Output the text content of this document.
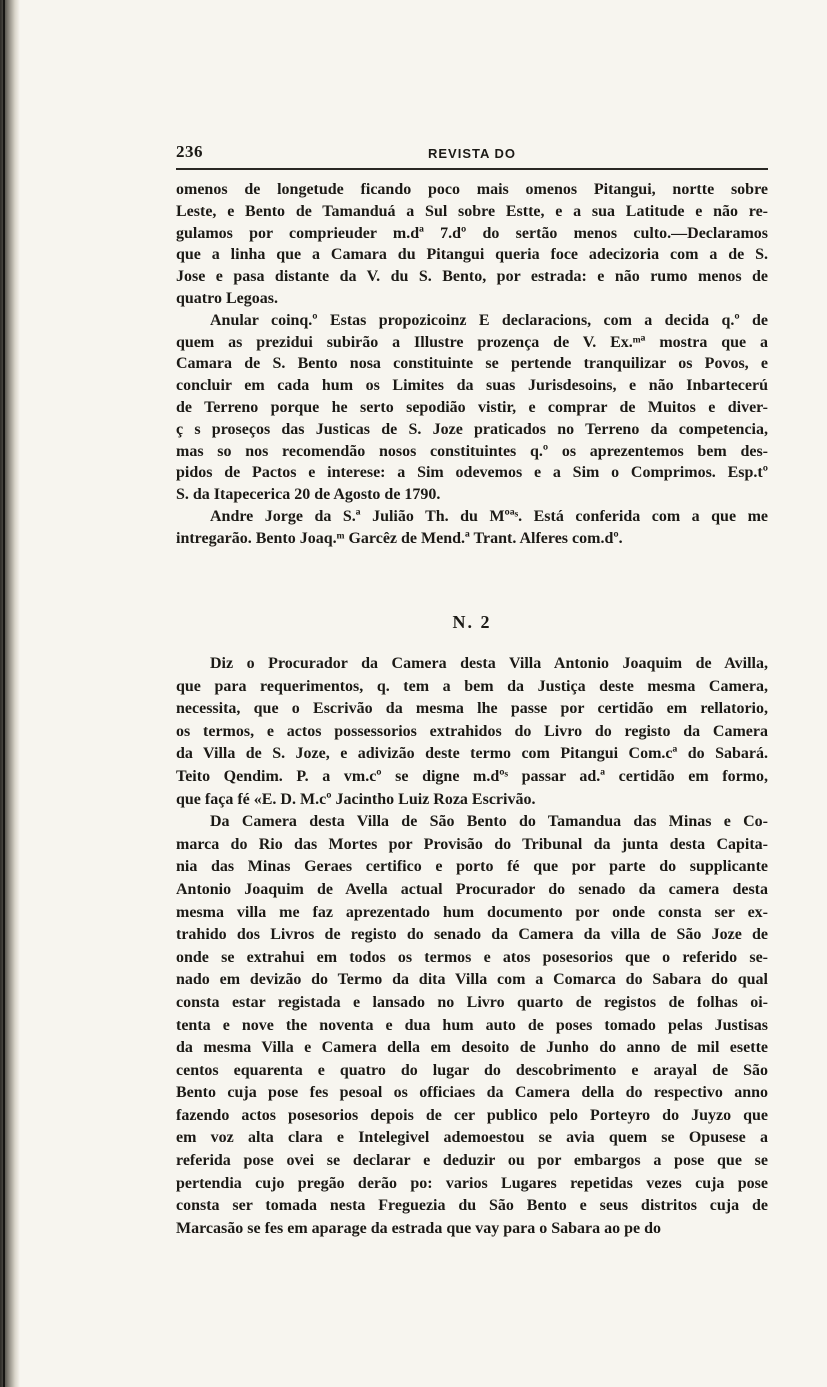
236	REVISTA DO
omenos de longetude ficando poco mais omenos Pitangui, nortte sobre
Leste, e Bento de Tamanduá a Sul sobre Estte, e a sua Latitude e não re-
gulamos por comprieuder m.dª 7.dº do sertão menos culto.—Declaramos
que a linha que a Camara du Pitangui queria foce adecizoria com a de S.
Jose e pasa distante da V. du S. Bento, por estrada: e não rumo menos de
quatro Legoas.
Anular coinq.º Estas propozicoinz E declaracions, com a decida q.º de
quem as prezidui subirão a Illustre prozença de V. Ex.ᵐª mostra que a
Camara de S. Bento nosa constituinte se pertende tranquilizar os Povos, e
concluir em cada hum os Limites da suas Jurisdesoins, e não Inbartecerú
de Terreno porque he serto sepodião vistir, e comprar de Muitos e diver-
ç s proseços das Justicas de S. Joze praticados no Terreno da competencia,
mas so nos recomendão nosos constituintes q.º os aprezentemos bem des-
pidos de Pactos e interese: a Sim odevemos e a Sim o Comprimos. Esp.tº
S. da Itapecerica 20 de Agosto de 1790.
Andre Jorge da S.ª Julião Th. du Mºªˢ. Está conferida com a que me
intregarão. Bento Joaq.ᵐ Garcêz de Mend.ª Trant. Alferes com.dº.
N. 2
Diz o Procurador da Camera desta Villa Antonio Joaquim de Avilla,
que para requerimentos, q. tem a bem da Justiça deste mesma Camera,
necessita, que o Escrivão da mesma lhe passe por certidão em rellatorio,
os termos, e actos possessorios extrahidos do Livro do registo da Camera
da Villa de S. Joze, e adivizão deste termo com Pitangui Com.cª do Sabará.
Teito Qendim. P. a vm.cº se digne m.dºˢ passar ad.ª certidão em formo,
que faça fé «E. D. M.cº Jacintho Luiz Roza Escrivão.
Da Camera desta Villa de São Bento do Tamandua das Minas e Co-
marca do Rio das Mortes por Provisão do Tribunal da junta desta Capita-
nia das Minas Geraes certifico e porto fé que por parte do supplicante
Antonio Joaquim de Avella actual Procurador do senado da camera desta
mesma villa me faz aprezentado hum documento por onde consta ser ex-
trahido dos Livros de registo do senado da Camera da villa de São Joze de
onde se extrahui em todos os termos e atos posesorios que o referido se-
nado em devizão do Termo da dita Villa com a Comarca do Sabara do qual
consta estar registada e lansado no Livro quarto de registos de folhas oi-
tenta e nove the noventa e dua hum auto de poses tomado pelas Justisas
da mesma Villa e Camera della em desoito de Junho do anno de mil esette
centos equarenta e quatro do lugar do descobrimento e arayal de São
Bento cuja pose fes pesoal os officiaes da Camera della do respectivo anno
fazendo actos posesorios depois de cer publico pelo Porteyro do Juyzo que
em voz alta clara e Intelegivel ademoestou se avia quem se Opusese a
referida pose ovei se declarar e deduzir ou por embargos a pose que se
pertendia cujo pregão derão po: varios Lugares repetidas vezes cuja pose
consta ser tomada nesta Freguezia du São Bento e seus distritos cuja de
Marcasão se fes em aparage da estrada que vay para o Sabara ao pe do
